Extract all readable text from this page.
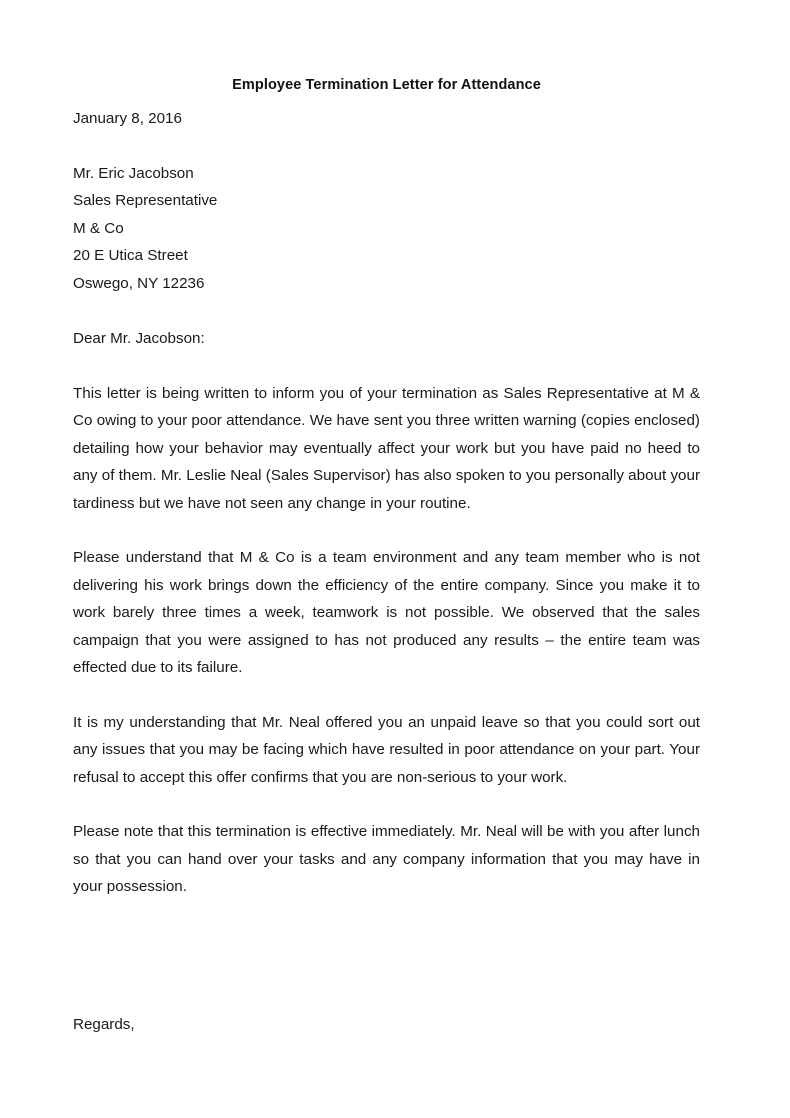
Employee Termination Letter for Attendance

January 8, 2016

Mr. Eric Jacobson

Sales Representative

M & Co

20 E Utica Street

Oswego, NY 12236

Dear Mr. Jacobson:

This letter is being written to inform you of your termination as Sales Representative at M & Co owing to your poor attendance. We have sent you three written warning (copies enclosed) detailing how your behavior may eventually affect your work but you have paid no heed to any of them. Mr. Leslie Neal (Sales Supervisor) has also spoken to you personally about your tardiness but we have not seen any change in your routine.

Please understand that M & Co is a team environment and any team member who is not delivering his work brings down the efficiency of the entire company. Since you make it to work barely three times a week, teamwork is not possible. We observed that the sales campaign that you were assigned to has not produced any results – the entire team was effected due to its failure.

It is my understanding that Mr. Neal offered you an unpaid leave so that you could sort out any issues that you may be facing which have resulted in poor attendance on your part. Your refusal to accept this offer confirms that you are non-serious to your work.

Please note that this termination is effective immediately. Mr. Neal will be with you after lunch so that you can hand over your tasks and any company information that you may have in your possession.

Regards,
